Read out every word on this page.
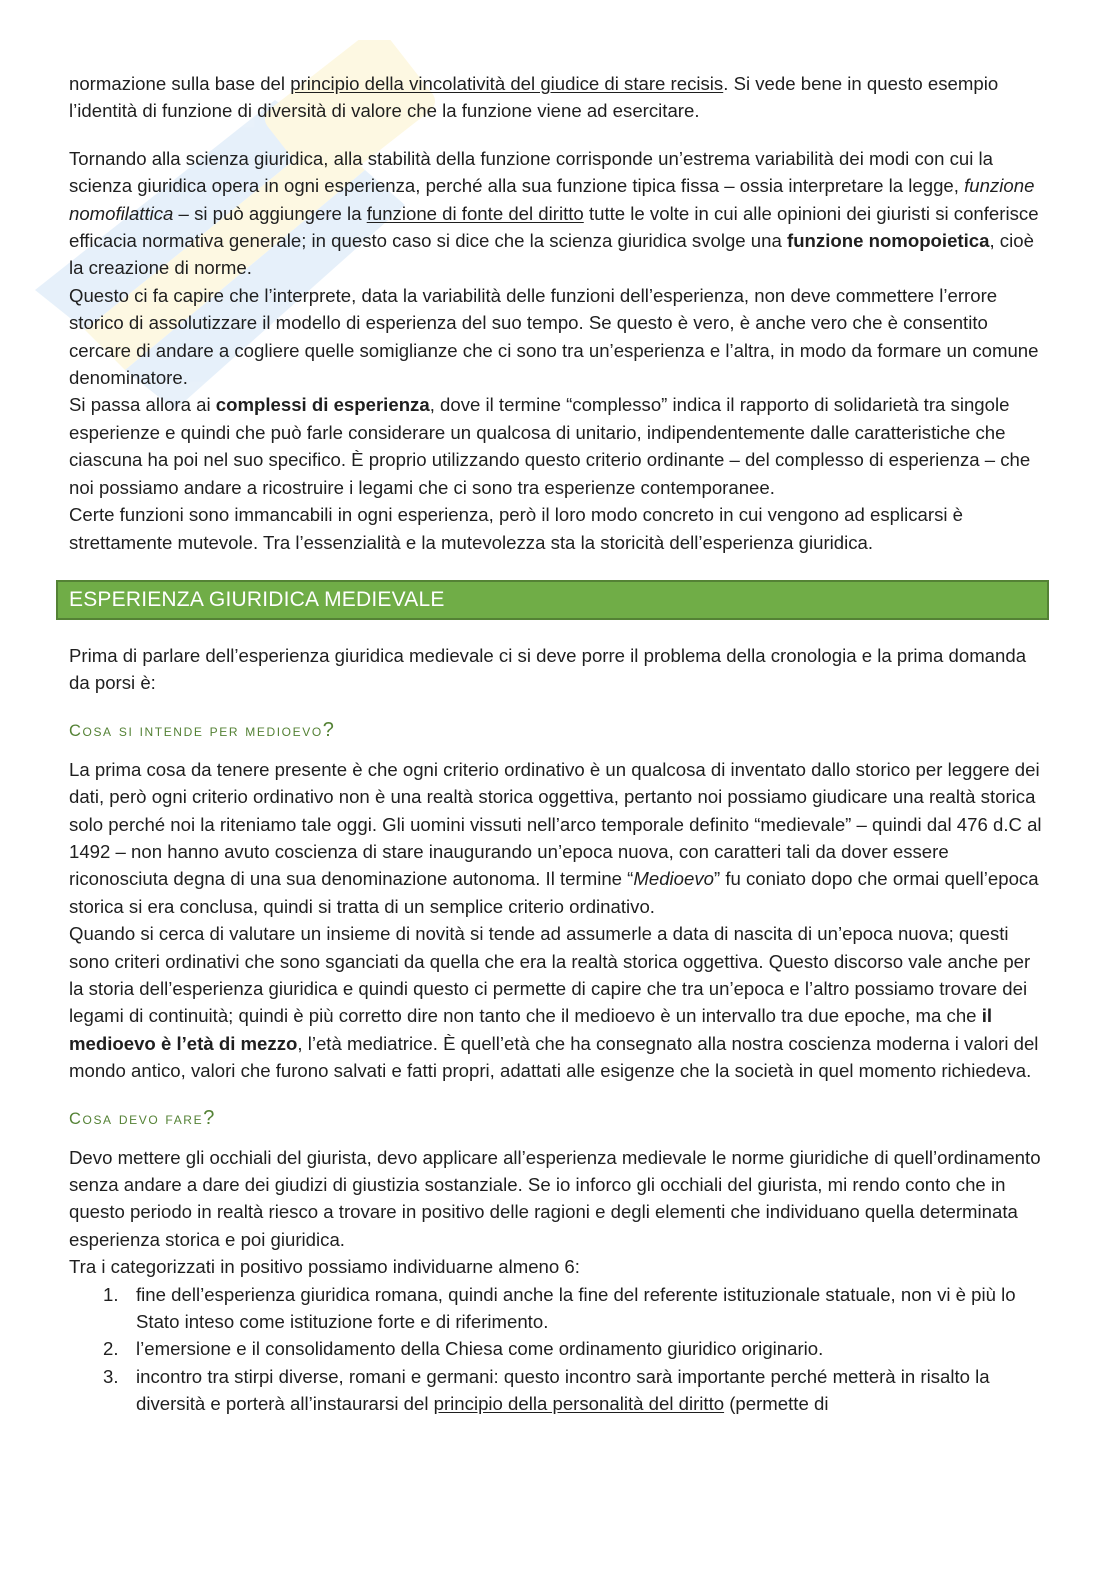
normazione sulla base del principio della vincolatività del giudice di stare recisis. Si vede bene in questo esempio l’identità di funzione di diversità di valore che la funzione viene ad esercitare.

Tornando alla scienza giuridica, alla stabilità della funzione corrisponde un’estrema variabilità dei modi con cui la scienza giuridica opera in ogni esperienza, perché alla sua funzione tipica fissa – ossia interpretare la legge, funzione nomofilattica – si può aggiungere la funzione di fonte del diritto tutte le volte in cui alle opinioni dei giuristi si conferisce efficacia normativa generale; in questo caso si dice che la scienza giuridica svolge una funzione nomopoietica, cioè la creazione di norme.

Questo ci fa capire che l’interprete, data la variabilità delle funzioni dell’esperienza, non deve commettere l’errore storico di assolutizzare il modello di esperienza del suo tempo. Se questo è vero, è anche vero che è consentito cercare di andare a cogliere quelle somiglianze che ci sono tra un’esperienza e l’altra, in modo da formare un comune denominatore.

Si passa allora ai complessi di esperienza, dove il termine “complesso” indica il rapporto di solidarietà tra singole esperienze e quindi che può farle considerare un qualcosa di unitario, indipendentemente dalle caratteristiche che ciascuna ha poi nel suo specifico. È proprio utilizzando questo criterio ordinante – del complesso di esperienza – che noi possiamo andare a ricostruire i legami che ci sono tra esperienze contemporanee.

Certe funzioni sono immancabili in ogni esperienza, però il loro modo concreto in cui vengono ad esplicarsi è strettamente mutevole. Tra l’essenzialità e la mutevolezza sta la storicità dell’esperienza giuridica.

ESPERIENZA GIURIDICA MEDIEVALE

Prima di parlare dell’esperienza giuridica medievale ci si deve porre il problema della cronologia e la prima domanda da porsi è:

Cosa si intende per medioevo?

La prima cosa da tenere presente è che ogni criterio ordinativo è un qualcosa di inventato dallo storico per leggere dei dati, però ogni criterio ordinativo non è una realtà storica oggettiva, pertanto noi possiamo giudicare una realtà storica solo perché noi la riteniamo tale oggi. Gli uomini vissuti nell’arco temporale definito “medievale” – quindi dal 476 d.C al 1492 – non hanno avuto coscienza di stare inaugurando un’epoca nuova, con caratteri tali da dover essere riconosciuta degna di una sua denominazione autonoma. Il termine “Medioevo” fu coniato dopo che ormai quell’epoca storica si era conclusa, quindi si tratta di un semplice criterio ordinativo.

Quando si cerca di valutare un insieme di novità si tende ad assumerle a data di nascita di un’epoca nuova; questi sono criteri ordinativi che sono sganciati da quella che era la realtà storica oggettiva. Questo discorso vale anche per la storia dell’esperienza giuridica e quindi questo ci permette di capire che tra un’epoca e l’altro possiamo trovare dei legami di continuità; quindi è più corretto dire non tanto che il medioevo è un intervallo tra due epoche, ma che il medioevo è l’età di mezzo, l’età mediatrice. È quell’età che ha consegnato alla nostra coscienza moderna i valori del mondo antico, valori che furono salvati e fatti propri, adattati alle esigenze che la società in quel momento richiedeva.

Cosa devo fare?

Devo mettere gli occhiali del giurista, devo applicare all’esperienza medievale le norme giuridiche di quell’ordinamento senza andare a dare dei giudizi di giustizia sostanziale. Se io inforco gli occhiali del giurista, mi rendo conto che in questo periodo in realtà riesco a trovare in positivo delle ragioni e degli elementi che individuano quella determinata esperienza storica e poi giuridica.

Tra i categorizzati in positivo possiamo individuarne almeno 6:

1. fine dell’esperienza giuridica romana, quindi anche la fine del referente istituzionale statuale, non vi è più lo Stato inteso come istituzione forte e di riferimento.
2. l’emersione e il consolidamento della Chiesa come ordinamento giuridico originario.
3. incontro tra stirpi diverse, romani e germani: questo incontro sarà importante perché metterà in risalto la diversità e porterà all’instaurarsi del principio della personalità del diritto (permette di
